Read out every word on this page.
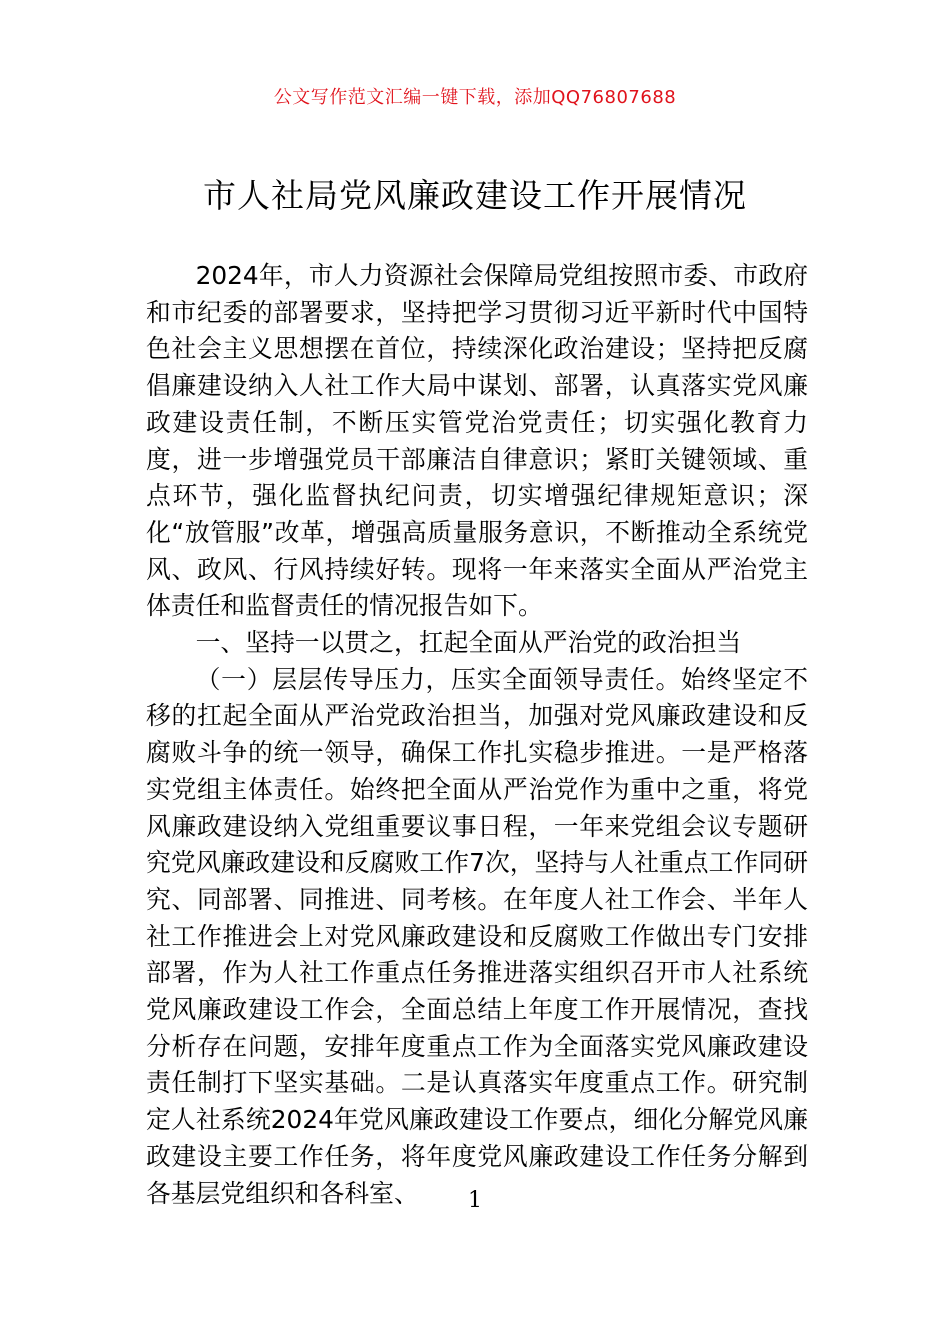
公文写作范文汇编一键下载，添加QQ76807688
市人社局党风廉政建设工作开展情况

2024年，市人力资源社会保障局党组按照市委、市政府和市纪委的部署要求，坚持把学习贯彻习近平新时代中国特色社会主义思想摆在首位，持续深化政治建设；坚持把反腐倡廉建设纳入人社工作大局中谋划、部署，认真落实党风廉政建设责任制，不断压实管党治党责任；切实强化教育力度，进一步增强党员干部廉洁自律意识；紧盯关键领域、重点环节，强化监督执纪问责，切实增强纪律规矩意识；深化“放管服”改革，增强高质量服务意识，不断推动全系统党风、政风、行风持续好转。现将一年来落实全面从严治党主体责任和监督责任的情况报告如下。

一、坚持一以贯之，扛起全面从严治党的政治担当

（一）层层传导压力，压实全面领导责任。始终坚定不移的扛起全面从严治党政治担当，加强对党风廉政建设和反腐败斗争的统一领导，确保工作扎实稳步推进。一是严格落实党组主体责任。始终把全面从严治党作为重中之重，将党风廉政建设纳入党组重要议事日程，一年来党组会议专题研究党风廉政建设和反腐败工作7次，坚持与人社重点工作同研究、同部署、同推进、同考核。在年度人社工作会、半年人社工作推进会上对党风廉政建设和反腐败工作做出专门安排部署，作为人社工作重点任务推进落实组织召开市人社系统党风廉政建设工作会，全面总结上年度工作开展情况，查找分析存在问题，安排年度重点工作为全面落实党风廉政建设责任制打下坚实基础。二是认真落实年度重点工作。研究制定人社系统2024年党风廉政建设工作要点，细化分解党风廉政建设主要工作任务，将年度党风廉政建设工作任务分解到各基层党组织和各科室、	1
